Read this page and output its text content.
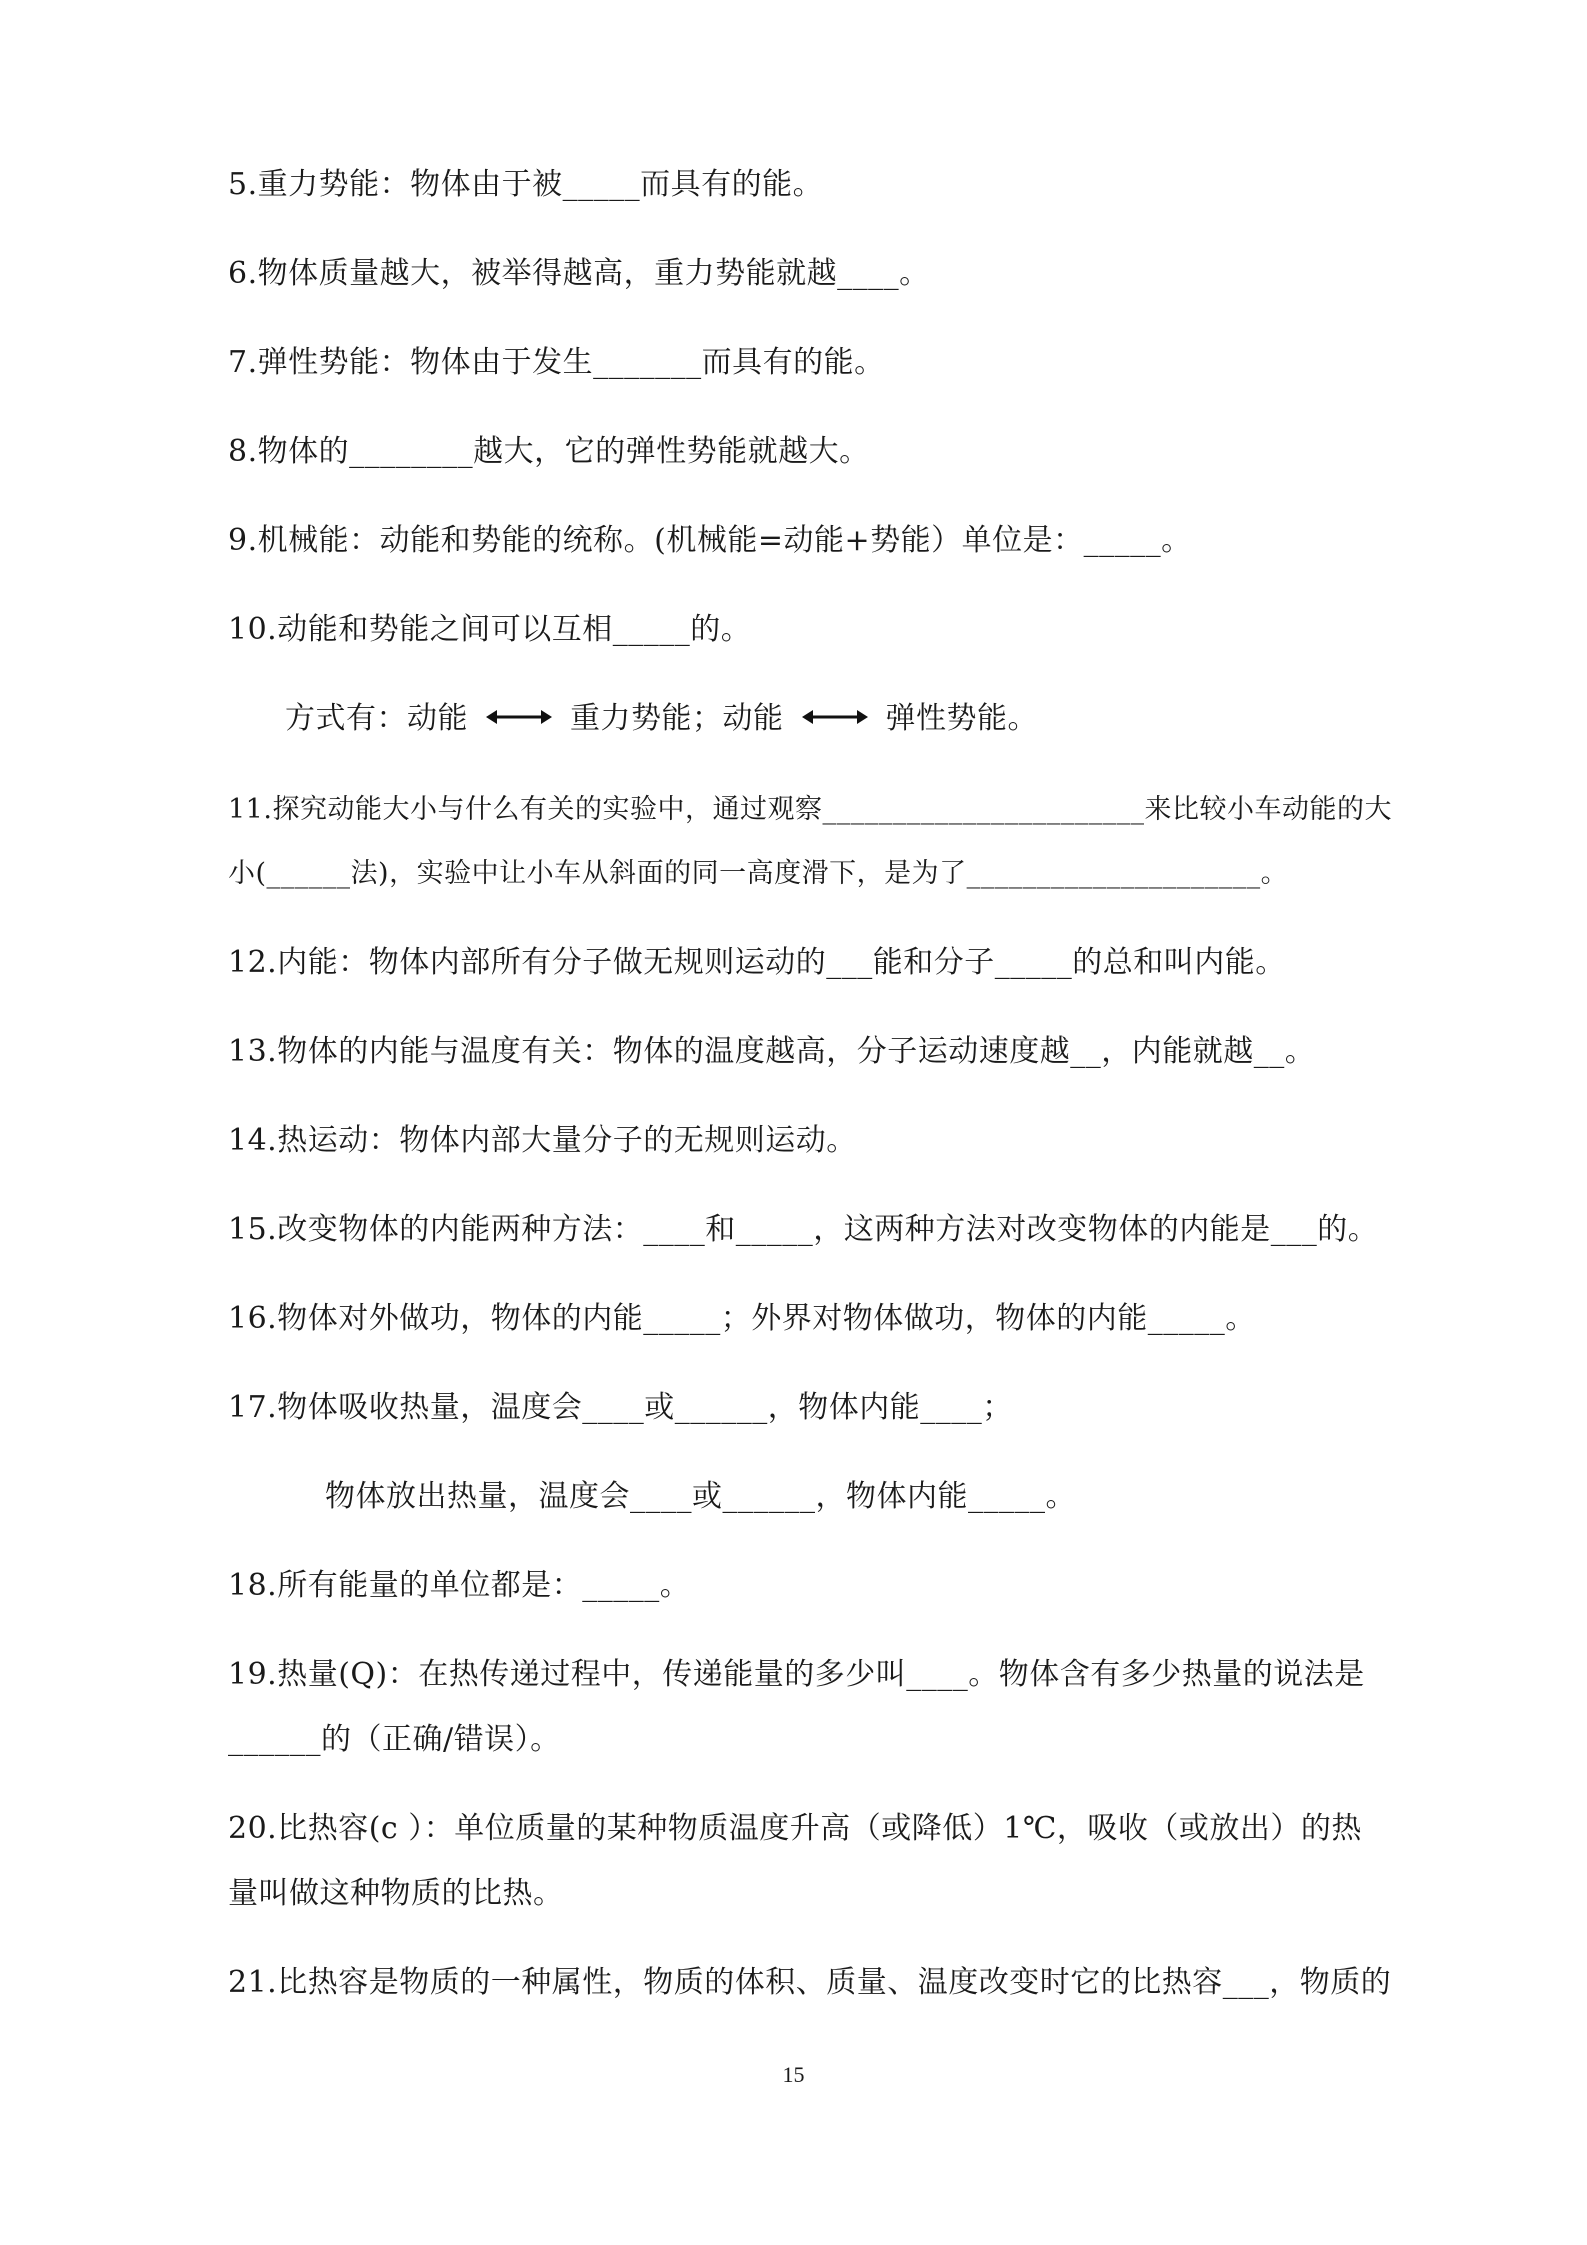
5.重力势能：物体由于被_____而具有的能。
6.物体质量越大，被举得越高，重力势能就越____。
7.弹性势能：物体由于发生_______而具有的能。
8.物体的________越大，它的弹性势能就越大。
9.机械能：动能和势能的统称。(机械能=动能+势能）单位是：_____。
10.动能和势能之间可以互相_____的。
方式有：动能	重力势能；动能	弹性势能。
11.探究动能大小与什么有关的实验中，通过观察_______________________来比较小车动能的大
小(______法)，实验中让小车从斜面的同一高度滑下，是为了_____________________。
12.内能：物体内部所有分子做无规则运动的___能和分子_____的总和叫内能。
13.物体的内能与温度有关：物体的温度越高，分子运动速度越__，内能就越__。
14.热运动：物体内部大量分子的无规则运动。
15.改变物体的内能两种方法：____和_____，这两种方法对改变物体的内能是___的。
16.物体对外做功，物体的内能_____；外界对物体做功，物体的内能_____。
17.物体吸收热量，温度会____或______，物体内能____；
物体放出热量，温度会____或______，物体内能_____。
18.所有能量的单位都是：_____。
19.热量(Q)：在热传递过程中，传递能量的多少叫____。物体含有多少热量的说法是
______的（正确/错误）。
20.比热容(c ）：单位质量的某种物质温度升高（或降低）1℃，吸收（或放出）的热
量叫做这种物质的比热。
21.比热容是物质的一种属性，物质的体积、质量、温度改变时它的比热容___，物质的
15
